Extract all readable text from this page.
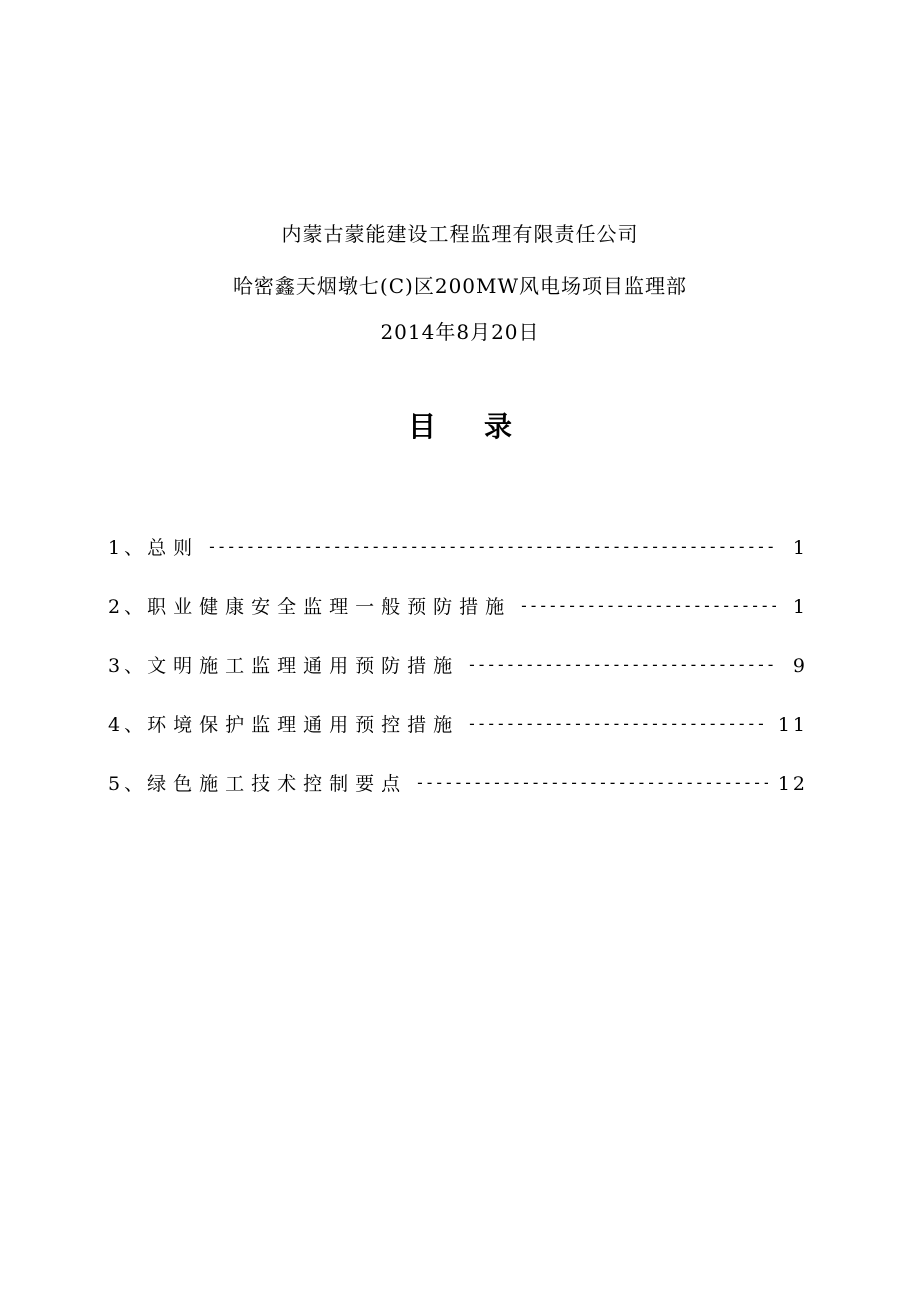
内蒙古蒙能建设工程监理有限责任公司
哈密鑫天烟墩七(C)区200MW风电场项目监理部
2014年8月20日
目录
1、 总则 -----	1
2、 职业健康安全监理一般预防措施 -----	1
3、 文明施工监理通用预防措施 -----	9
4、 环境保护监理通用预控措施 -----	11
5、 绿色施工技术控制要点 -----	12
